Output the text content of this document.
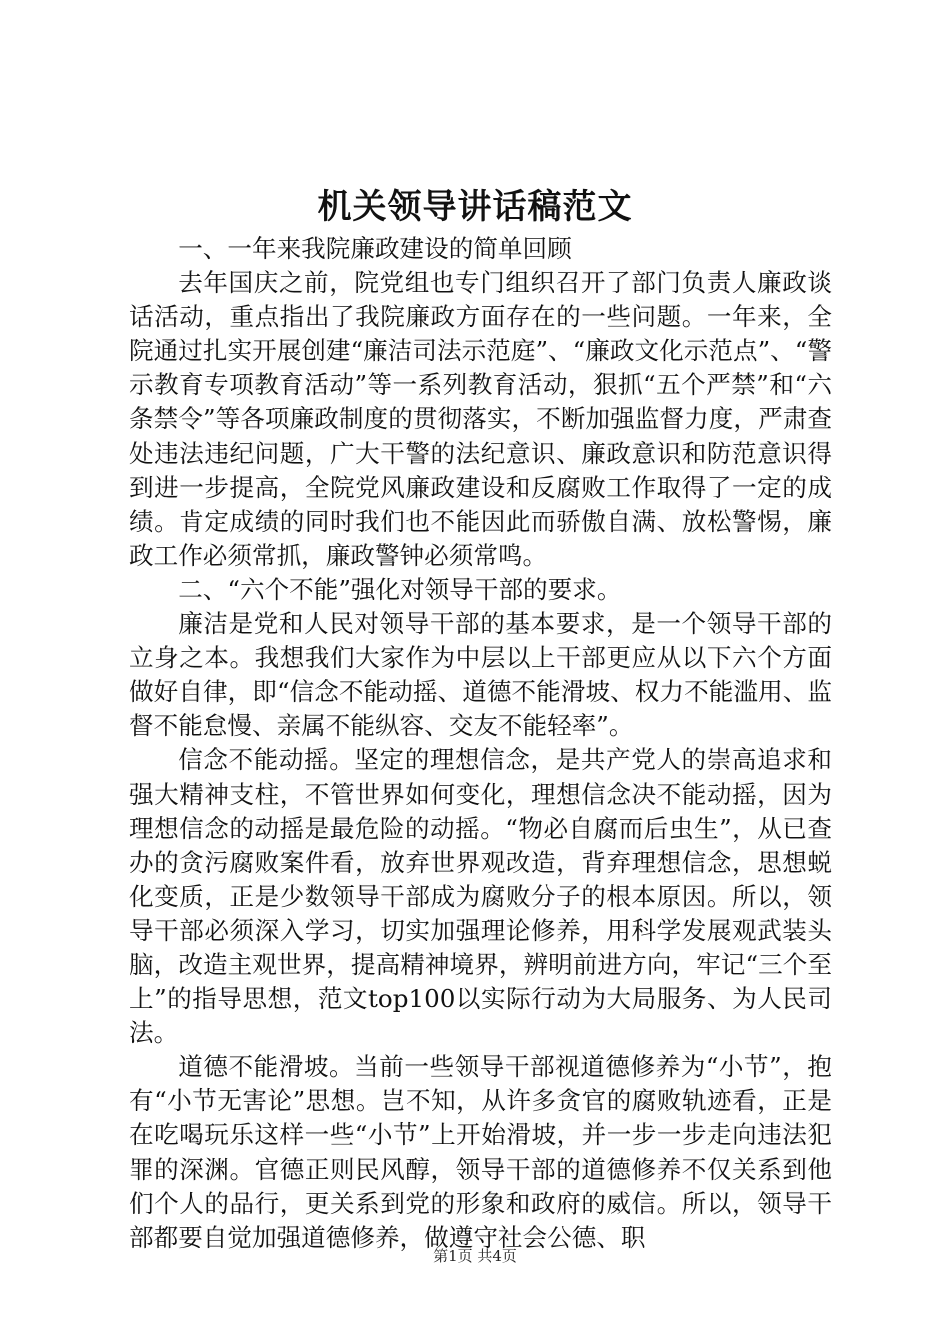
机关领导讲话稿范文

一、一年来我院廉政建设的简单回顾

去年国庆之前，院党组也专门组织召开了部门负责人廉政谈话活动，重点指出了我院廉政方面存在的一些问题。一年来，全院通过扎实开展创建“廉洁司法示范庭”、“廉政文化示范点”、“警示教育专项教育活动”等一系列教育活动，狠抓“五个严禁”和“六条禁令”等各项廉政制度的贯彻落实，不断加强监督力度，严肃查处违法违纪问题，广大干警的法纪意识、廉政意识和防范意识得到进一步提高，全院党风廉政建设和反腐败工作取得了一定的成绩。肯定成绩的同时我们也不能因此而骄傲自满、放松警惕，廉政工作必须常抓，廉政警钟必须常鸣。

二、“六个不能”强化对领导干部的要求。

廉洁是党和人民对领导干部的基本要求，是一个领导干部的立身之本。我想我们大家作为中层以上干部更应从以下六个方面做好自律，即“信念不能动摇、道德不能滑坡、权力不能滥用、监督不能怠慢、亲属不能纵容、交友不能轻率”。

信念不能动摇。坚定的理想信念，是共产党人的崇高追求和强大精神支柱，不管世界如何变化，理想信念决不能动摇，因为理想信念的动摇是最危险的动摇。“物必自腐而后虫生”，从已查办的贪污腐败案件看，放弃世界观改造，背弃理想信念，思想蜕化变质，正是少数领导干部成为腐败分子的根本原因。所以，领导干部必须深入学习，切实加强理论修养，用科学发展观武装头脑，改造主观世界，提高精神境界，辨明前进方向，牢记“三个至上”的指导思想，范文top100以实际行动为大局服务、为人民司法。

道德不能滑坡。当前一些领导干部视道德修养为“小节”，抱有“小节无害论”思想。岂不知，从许多贪官的腐败轨迹看，正是在吃喝玩乐这样一些“小节”上开始滑坡，并一步一步走向违法犯罪的深渊。官德正则民风醇，领导干部的道德修养不仅关系到他们个人的品行，更关系到党的形象和政府的威信。所以，领导干部都要自觉加强道德修养，做遵守社会公德、职

第1页 共4页
